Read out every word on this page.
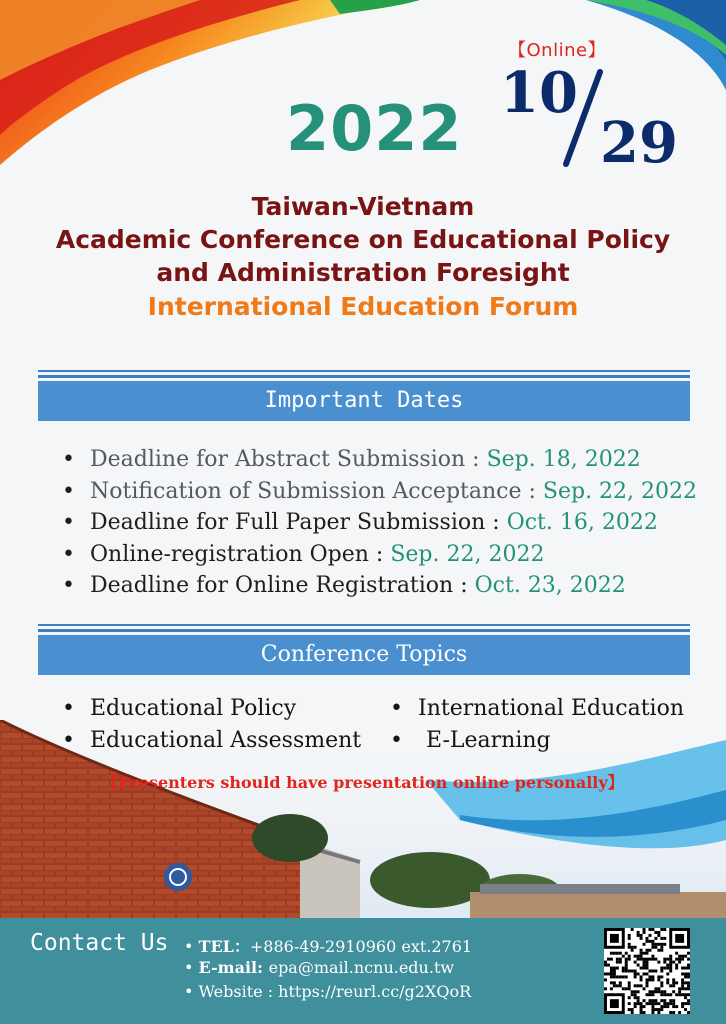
【Online】
2022 10
29
Taiwan-Vietnam
Academic Conference on Educational Policy
and Administration Foresight
International Education Forum
Important Dates
• Deadline for Abstract Submission : Sep. 18, 2022
• Notification of Submission Acceptance : Sep. 22, 2022
• Deadline for Full Paper Submission : Oct. 16, 2022
• Online-registration Open : Sep. 22, 2022
• Deadline for Online Registration : Oct. 23, 2022
Conference Topics
• Educational Policy
• Educational Assessment
• International Education
• E-Learning
【Presenters should have presentation online personally】
Contact Us • TEL：+886-49-2910960 ext.2761
• E-mail: epa@mail.ncnu.edu.tw
• Website : https://reurl.cc/g2XQoR
